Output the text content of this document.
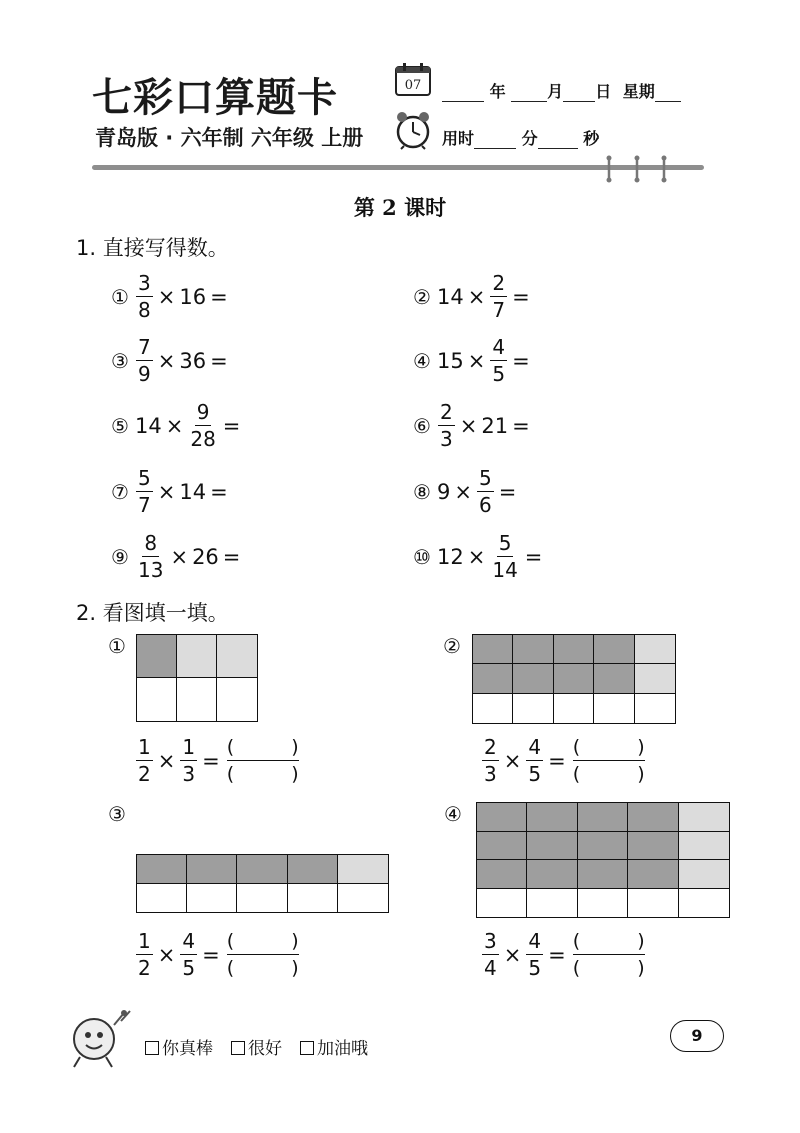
七彩口算题卡
青岛版 · 六年制 六年级 上册
07	年	月 日 星期
用时	分	秒
第 2 课时
1. 直接写得数。
① $\frac{3}{8} \times 16$ =	② $14 \times \frac{2}{7}$ =
③ $\frac{7}{9} \times 36$ =	④ $15 \times \frac{4}{5}$ =
⑤ $14 \times \frac{9}{28}$ =	⑥ $\frac{2}{3} \times 21$ =
⑦ $\frac{5}{7} \times 14$ =	⑧ $9 \times \frac{5}{6}$ =
⑨ $\frac{8}{13} \times 26$ =	⑩ $12 \times \frac{5}{14}$ =
2. 看图填一填。
①
$\frac{1}{2} \times \frac{1}{3}$ =
(	)
(	)
②
$\frac{2}{3} \times \frac{4}{5}$ =
(	)
(	)
③
$\frac{1}{2} \times \frac{4}{5}$ =
(	)
(	)
④
$\frac{3}{4} \times \frac{4}{5}$ =
(	)
(	)
你真棒	很好	加油哦
9
